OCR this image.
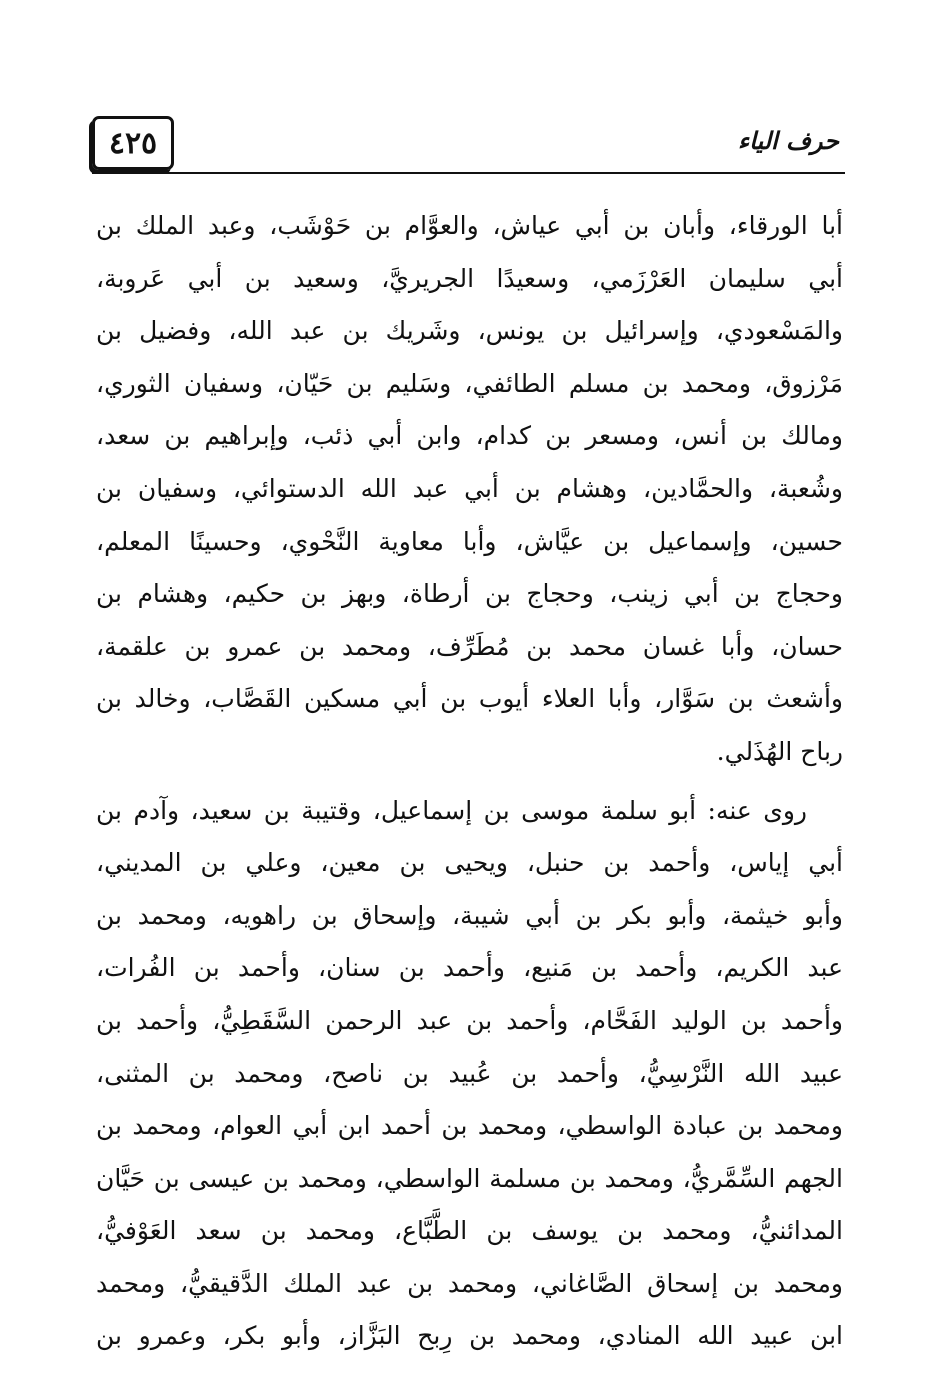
٤٢٥	حرف الياء
أبا الورقاء، وأبان بن أبي عياش، والعوَّام بن حَوْشَب، وعبد الملك بن
أبي سليمان العَرْزَمي، وسعيدًا الجريريَّ، وسعيد بن أبي عَروبة،
والمَسْعودي، وإسرائيل بن يونس، وشَريك بن عبد الله، وفضيل بن
مَرْزوق، ومحمد بن مسلم الطائفي، وسَليم بن حَيّان، وسفيان الثوري،
ومالك بن أنس، ومسعر بن كدام، وابن أبي ذئب، وإبراهيم بن سعد،
وشُعبة، والحمَّادين، وهشام بن أبي عبد الله الدستوائي، وسفيان بن
حسين، وإسماعيل بن عيَّاش، وأبا معاوية النَّحْوي، وحسينًا المعلم،
وحجاج بن أبي زينب، وحجاج بن أرطاة، وبهز بن حكيم، وهشام بن
حسان، وأبا غسان محمد بن مُطَرِّف، ومحمد بن عمرو بن علقمة،
وأشعث بن سَوَّار، وأبا العلاء أيوب بن أبي مسكين القَصَّاب، وخالد بن
رباح الهُذَلي.
روى عنه: أبو سلمة موسى بن إسماعيل، وقتيبة بن سعيد، وآدم بن
أبي إياس، وأحمد بن حنبل، ويحيى بن معين، وعلي بن المديني،
وأبو خيثمة، وأبو بكر بن أبي شيبة، وإسحاق بن راهويه، ومحمد بن
عبد الكريم، وأحمد بن مَنيع، وأحمد بن سنان، وأحمد بن الفُرات،
وأحمد بن الوليد الفَحَّام، وأحمد بن عبد الرحمن السَّقَطِيُّ، وأحمد بن
عبيد الله النَّرْسِيُّ، وأحمد بن عُبيد بن ناصح، ومحمد بن المثنى،
ومحمد بن عبادة الواسطي، ومحمد بن أحمد ابن أبي العوام، ومحمد بن
الجهم السِّمَّريُّ، ومحمد بن مسلمة الواسطي، ومحمد بن عيسى بن حَيَّان
المدائنيُّ، ومحمد بن يوسف بن الطَّبَّاع، ومحمد بن سعد العَوْفيُّ،
ومحمد بن إسحاق الصَّاغاني، ومحمد بن عبد الملك الدَّقيقيُّ، ومحمد
ابن عبيد الله المنادي، ومحمد بن رِبح البَزَّاز، وأبو بكر، وعمرو بن
